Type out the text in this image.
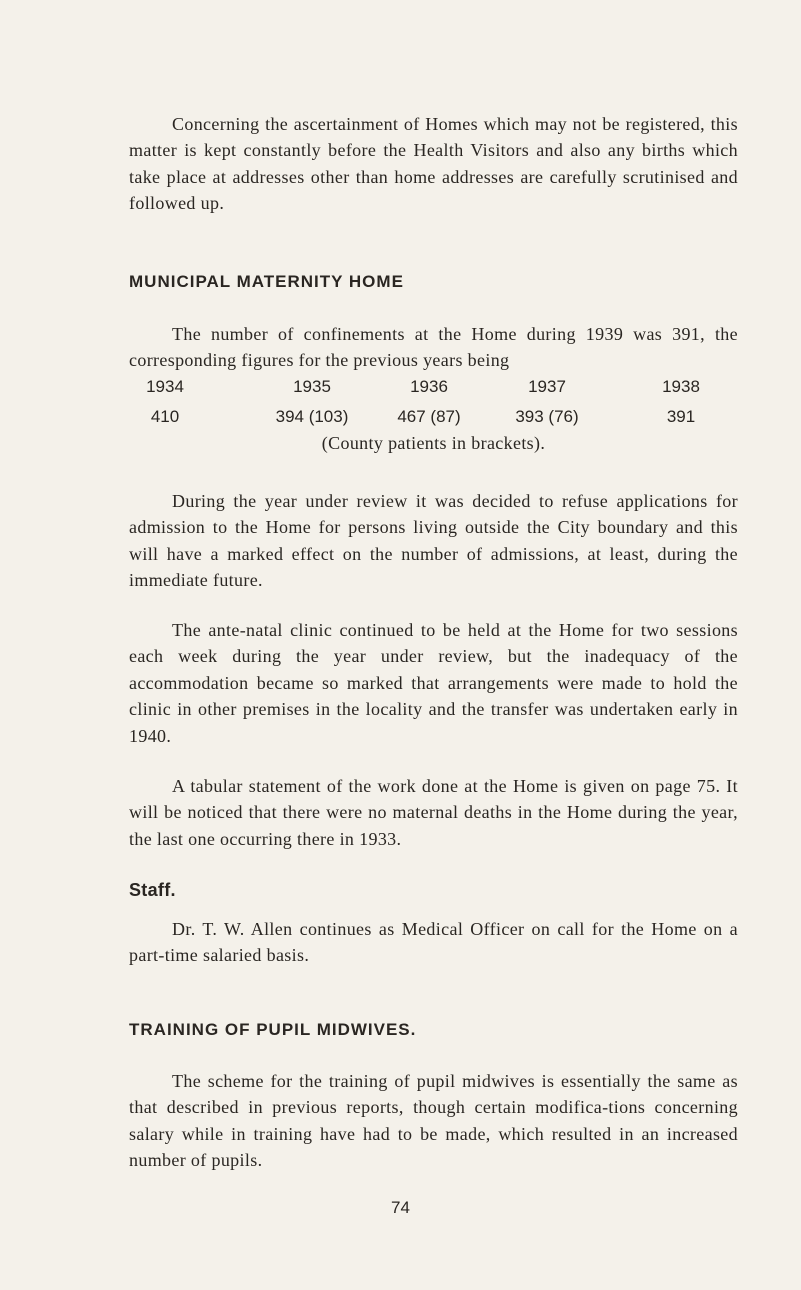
Concerning the ascertainment of Homes which may not be registered, this matter is kept constantly before the Health Visitors and also any births which take place at addresses other than home addresses are carefully scrutinised and followed up.

MUNICIPAL MATERNITY HOME

The number of confinements at the Home during 1939 was 391, the corresponding figures for the previous years being

1934	1935	1936	1937	1938
410	394 (103)	467 (87)	393 (76)	391

(County patients in brackets).

During the year under review it was decided to refuse applications for admission to the Home for persons living outside the City boundary and this will have a marked effect on the number of admissions, at least, during the immediate future.

The ante-natal clinic continued to be held at the Home for two sessions each week during the year under review, but the inadequacy of the accommodation became so marked that arrangements were made to hold the clinic in other premises in the locality and the transfer was undertaken early in 1940.

A tabular statement of the work done at the Home is given on page 75. It will be noticed that there were no maternal deaths in the Home during the year, the last one occurring there in 1933.

Staff.

Dr. T. W. Allen continues as Medical Officer on call for the Home on a part-time salaried basis.

TRAINING OF PUPIL MIDWIVES.

The scheme for the training of pupil midwives is essentially the same as that described in previous reports, though certain modifica-tions concerning salary while in training have had to be made, which resulted in an increased number of pupils.

74
